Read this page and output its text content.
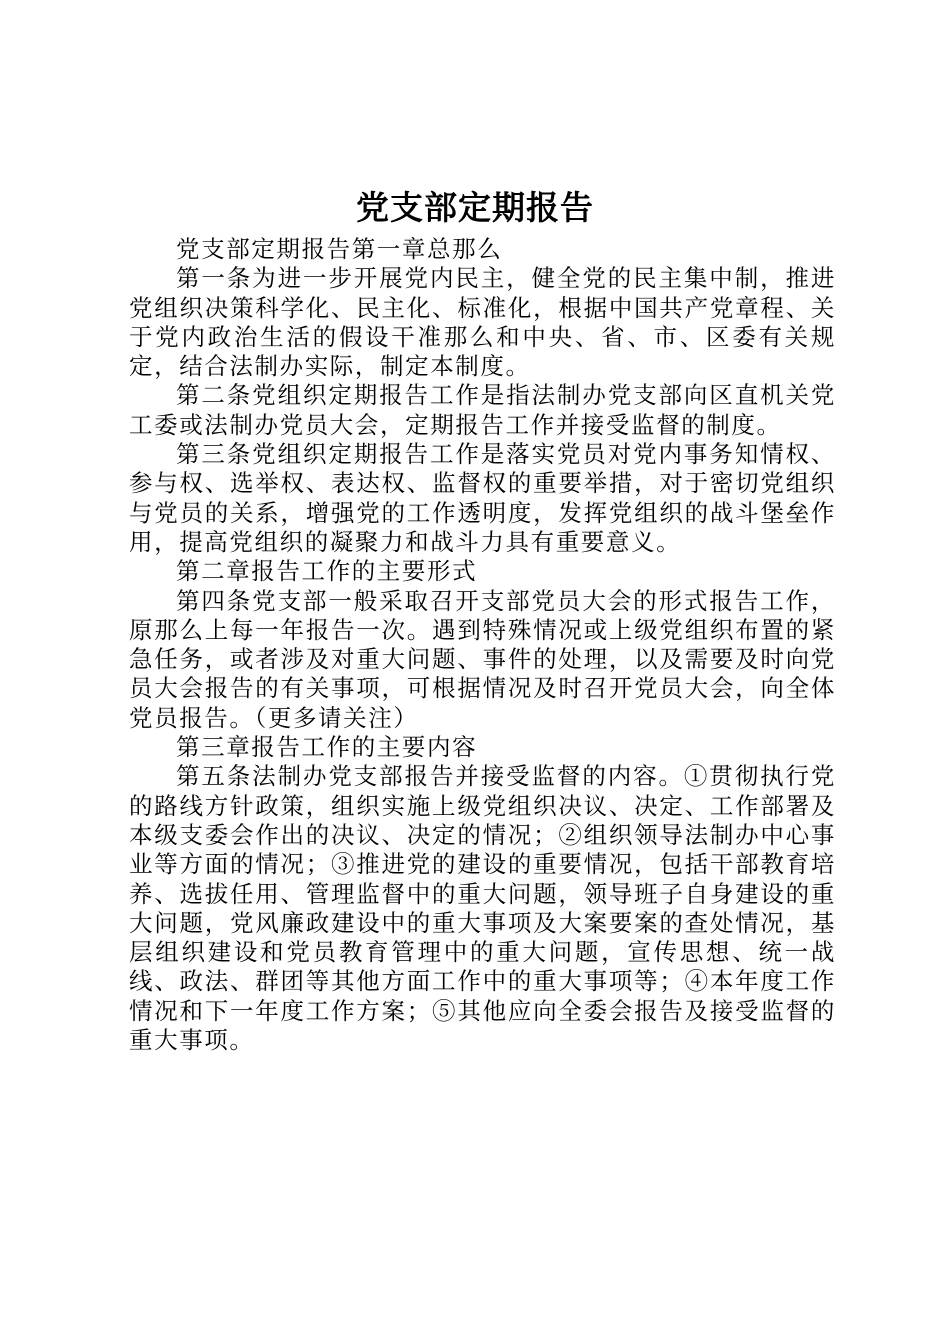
党支部定期报告

党支部定期报告第一章总那么

第一条为进一步开展党内民主，健全党的民主集中制，推进党组织决策科学化、民主化、标准化，根据中国共产党章程、关于党内政治生活的假设干准那么和中央、省、市、区委有关规定，结合法制办实际，制定本制度。

第二条党组织定期报告工作是指法制办党支部向区直机关党工委或法制办党员大会，定期报告工作并接受监督的制度。

第三条党组织定期报告工作是落实党员对党内事务知情权、参与权、选举权、表达权、监督权的重要举措，对于密切党组织与党员的关系，增强党的工作透明度，发挥党组织的战斗堡垒作用，提高党组织的凝聚力和战斗力具有重要意义。

第二章报告工作的主要形式

第四条党支部一般采取召开支部党员大会的形式报告工作，原那么上每一年报告一次。遇到特殊情况或上级党组织布置的紧急任务，或者涉及对重大问题、事件的处理，以及需要及时向党员大会报告的有关事项，可根据情况及时召开党员大会，向全体党员报告。（更多请关注）

第三章报告工作的主要内容

第五条法制办党支部报告并接受监督的内容。①贯彻执行党的路线方针政策，组织实施上级党组织决议、决定、工作部署及本级支委会作出的决议、决定的情况；②组织领导法制办中心事业等方面的情况；③推进党的建设的重要情况，包括干部教育培养、选拔任用、管理监督中的重大问题，领导班子自身建设的重大问题，党风廉政建设中的重大事项及大案要案的查处情况，基层组织建设和党员教育管理中的重大问题，宣传思想、统一战线、政法、群团等其他方面工作中的重大事项等；④本年度工作情况和下一年度工作方案；⑤其他应向全委会报告及接受监督的重大事项。
